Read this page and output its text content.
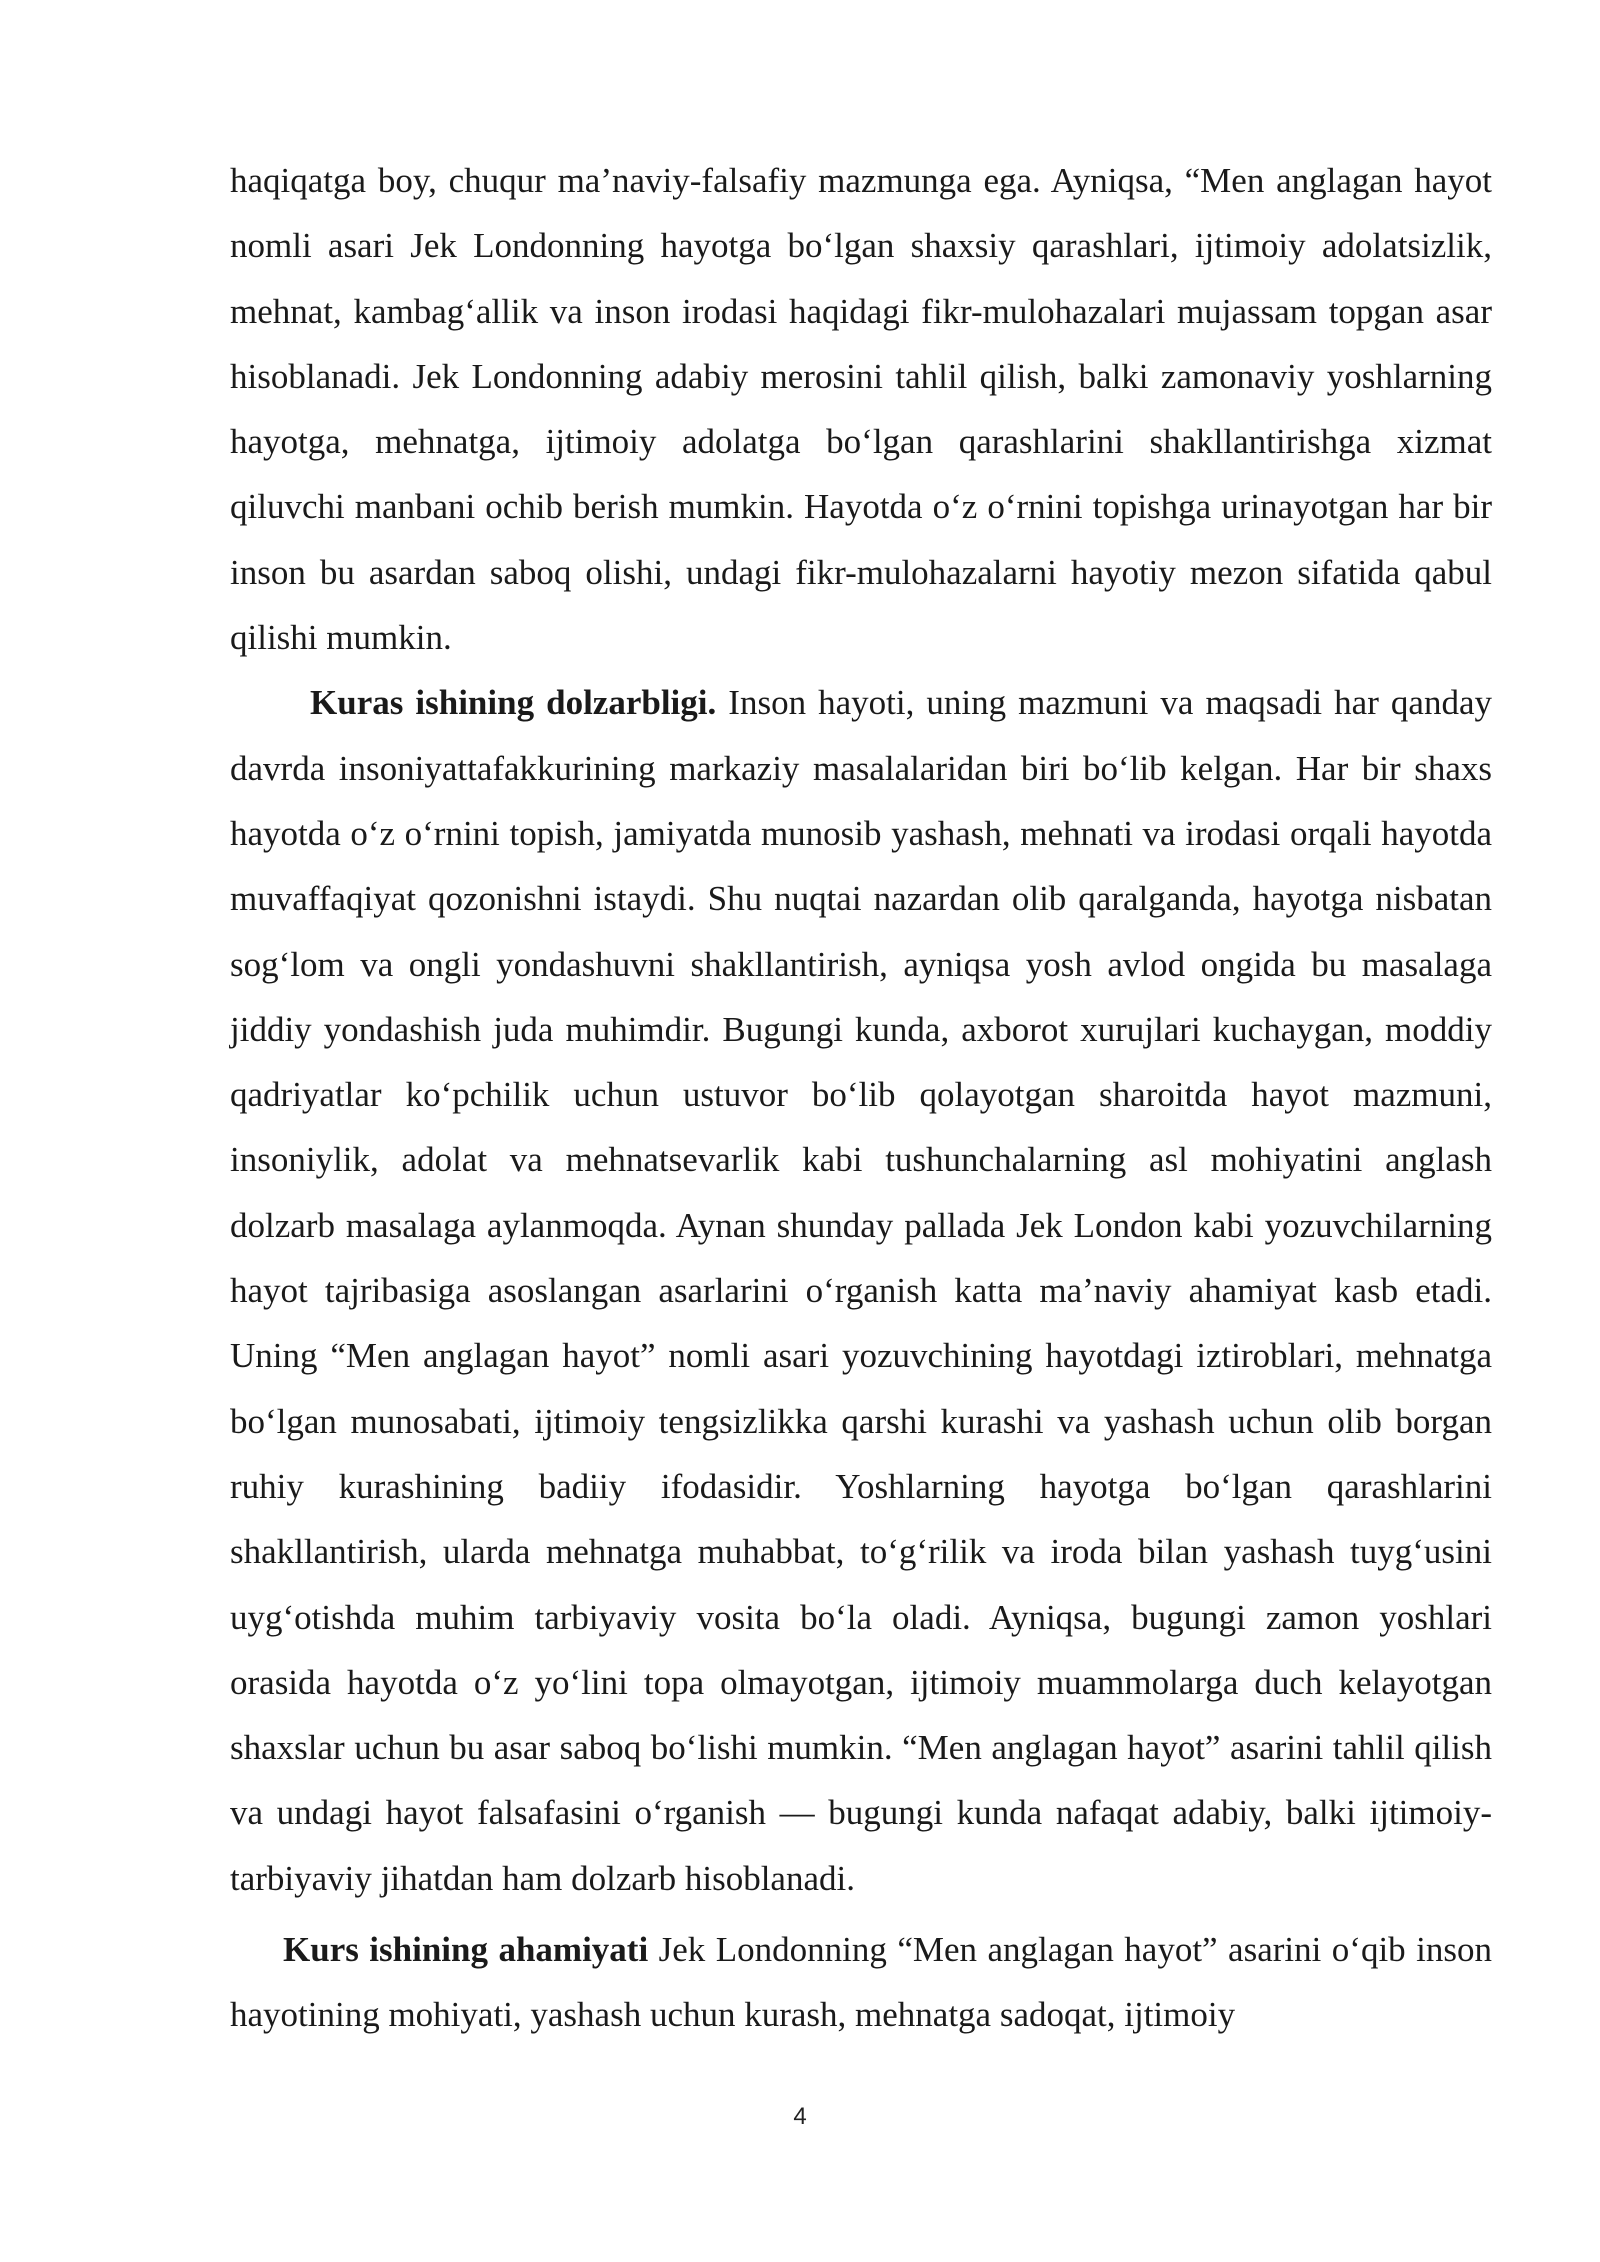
haqiqatga boy, chuqur ma’naviy-falsafiy mazmunga ega. Ayniqsa, “Men anglagan hayot nomli asari Jek Londonning hayotga bo‘lgan shaxsiy qarashlari, ijtimoiy adolatsizlik, mehnat, kambag‘allik va inson irodasi haqidagi fikr-mulohazalari mujassam topgan asar hisoblanadi. Jek Londonning adabiy merosini tahlil qilish, balki zamonaviy yoshlarning hayotga, mehnatga, ijtimoiy adolatga bo‘lgan qarashlarini shakllantirishga xizmat qiluvchi manbani ochib berish mumkin. Hayotda o‘z o‘rnini topishga urinayotgan har bir inson bu asardan saboq olishi, undagi fikr-mulohazalarni hayotiy mezon sifatida qabul qilishi mumkin.

Kuras ishining dolzarbligi. Inson hayoti, uning mazmuni va maqsadi har qanday davrda insoniyattafakkurining markaziy masalalaridan biri bo‘lib kelgan. Har bir shaxs hayotda o‘z o‘rnini topish, jamiyatda munosib yashash, mehnati va irodasi orqali hayotda muvaffaqiyat qozonishni istaydi. Shu nuqtai nazardan olib qaralganda, hayotga nisbatan sog‘lom va ongli yondashuvni shakllantirish, ayniqsa yosh avlod ongida bu masalaga jiddiy yondashish juda muhimdir. Bugungi kunda, axborot xurujlari kuchaygan, moddiy qadriyatlar ko‘pchilik uchun ustuvor bo‘lib qolayotgan sharoitda hayot mazmuni, insoniylik, adolat va mehnatsevarlik kabi tushunchalarning asl mohiyatini anglash dolzarb masalaga aylanmoqda. Aynan shunday pallada Jek London kabi yozuvchilarning hayot tajribasiga asoslangan asarlarini o‘rganish katta ma’naviy ahamiyat kasb etadi. Uning “Men anglagan hayot” nomli asari yozuvchining hayotdagi iztiroblari, mehnatga bo‘lgan munosabati, ijtimoiy tengsizlikka qarshi kurashi va yashash uchun olib borgan ruhiy kurashining badiiy ifodasidir. Yoshlarning hayotga bo‘lgan qarashlarini shakllantirish, ularda mehnatga muhabbat, to‘g‘rilik va iroda bilan yashash tuyg‘usini uyg‘otishda muhim tarbiyaviy vosita bo‘la oladi. Ayniqsa, bugungi zamon yoshlari orasida hayotda o‘z yo‘lini topa olmayotgan, ijtimoiy muammolarga duch kelayotgan shaxslar uchun bu asar saboq bo‘lishi mumkin. “Men anglagan hayot” asarini tahlil qilish va undagi hayot falsafasini o‘rganish — bugungi kunda nafaqat adabiy, balki ijtimoiy-tarbiyaviy jihatdan ham dolzarb hisoblanadi.

Kurs ishining ahamiyati Jek Londonning “Men anglagan hayot” asarini o‘qib inson hayotining mohiyati, yashash uchun kurash, mehnatga sadoqat, ijtimoiy

4
